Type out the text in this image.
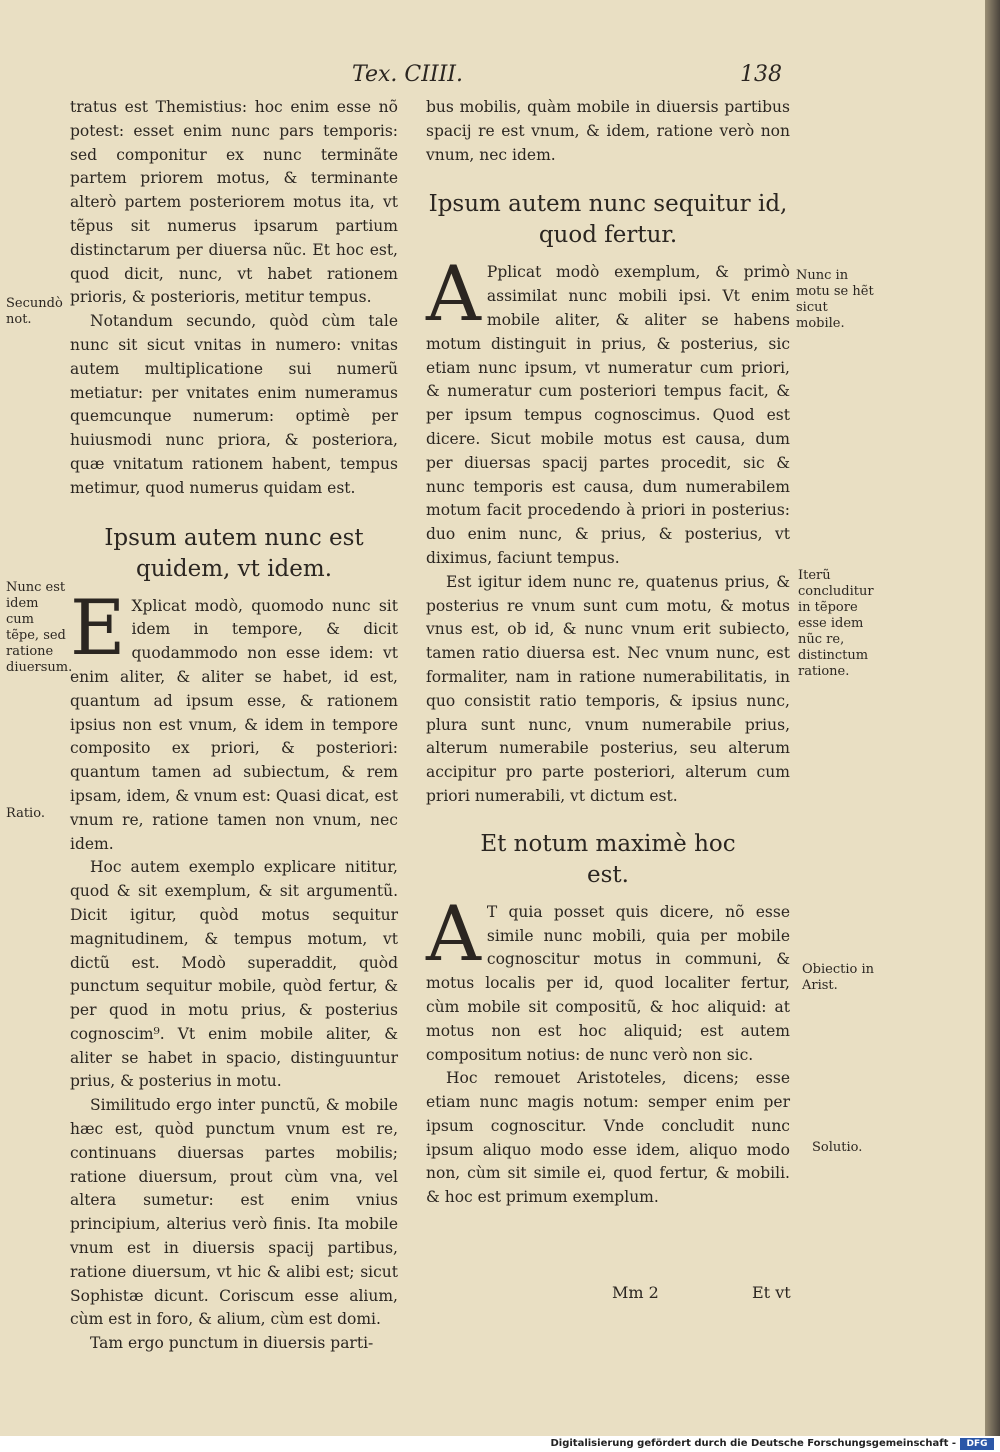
Tex. CIIII.	138

tratus est Themistius: hoc enim esse nõ potest: esset enim nunc pars temporis: sed componitur ex nunc terminãte partem priorem motus, & terminante alterò partem posteriorem motus ita, vt tẽpus sit numerus ipsarum partium distinctarum per diuersa nũc. Et hoc est, quod dicit, nunc, vt habet rationem prioris, & posterioris, metitur tempus.

Notandum secundo, quòd cùm tale nunc sit sicut vnitas in numero: vnitas autem multiplicatione sui numerũ metiatur: per vnitates enim numeramus quemcunque numerum: optimè per huiusmodi nunc priora, & posteriora, quæ vnitatum rationem habent, tempus metimur, quod numerus quidam est.

Ipsum autem nunc est quidem, vt idem.

E Xplicat modò, quomodo nunc sit idem in tempore, & dicit quodammodo non esse idem: vt enim aliter, & aliter se habet, id est, quantum ad ipsum esse, & rationem ipsius non est vnum, & idem in tempore composito ex priori, & posteriori: quantum tamen ad subiectum, & rem ipsam, idem, & vnum est: Quasi dicat, est vnum re, ratione tamen non vnum, nec idem.

Hoc autem exemplo explicare nititur, quod & sit exemplum, & sit argumentũ. Dicit igitur, quòd motus sequitur magnitudinem, & tempus motum, vt dictũ est. Modò superaddit, quòd punctum sequitur mobile, quòd fertur, & per quod in motu prius, & posterius cognoscim⁹. Vt enim mobile aliter, & aliter se habet in spacio, distinguuntur prius, & posterius in motu.

Similitudo ergo inter punctũ, & mobile hæc est, quòd punctum vnum est re, continuans diuersas partes mobilis; ratione diuersum, prout cùm vna, vel altera sumetur: est enim vnius principium, alterius verò finis. Ita mobile vnum est in diuersis spacij partibus, ratione diuersum, vt hic & alibi est; sicut Sophistæ dicunt. Coriscum esse alium, cùm est in foro, & alium, cùm est domi.

Tam ergo punctum in diuersis parti-

Secundò not.
Nunc est idem cum tẽpe, sed ratione diuersum.
Ratio.

bus mobilis, quàm mobile in diuersis partibus spacij re est vnum, & idem, ratione verò non vnum, nec idem.

Ipsum autem nunc sequitur id, quod fertur.

A Pplicat modò exemplum, & primò assimilat nunc mobili ipsi. Vt enim mobile aliter, & aliter se habens motum distinguit in prius, & posterius, sic etiam nunc ipsum, vt numeratur cum priori, & numeratur cum posteriori tempus facit, & per ipsum tempus cognoscimus. Quod est dicere. Sicut mobile motus est causa, dum per diuersas spacij partes procedit, sic & nunc temporis est causa, dum numerabilem motum facit procedendo à priori in posterius: duo enim nunc, & prius, & posterius, vt diximus, faciunt tempus.

Est igitur idem nunc re, quatenus prius, & posterius re vnum sunt cum motu, & motus vnus est, ob id, & nunc vnum erit subiecto, tamen ratio diuersa est. Nec vnum nunc, est formaliter, nam in ratione numerabilitatis, in quo consistit ratio temporis, & ipsius nunc, plura sunt nunc, vnum numerabile prius, alterum numerabile posterius, seu alterum accipitur pro parte posteriori, alterum cum priori numerabili, vt dictum est.

Et notum maximè hoc est.

A T quia posset quis dicere, nõ esse simile nunc mobili, quia per mobile cognoscitur motus in communi, & motus localis per id, quod localiter fertur, cùm mobile sit compositũ, & hoc aliquid: at motus non est hoc aliquid; est autem compositum notius: de nunc verò non sic.

Hoc remouet Aristoteles, dicens; esse etiam nunc magis notum: semper enim per ipsum cognoscitur. Vnde concludit nunc ipsum aliquo modo esse idem, aliquo modo non, cùm sit simile ei, quod fertur, & mobili. & hoc est primum exemplum.

Nunc in motu se hẽt sicut mobile.
Iterũ concluditur in tẽpore esse idem nũc re, distinctum ratione.
Obiectio in Arist.
Solutio.
Mm 2	Et vt
Digitalisierung gefördert durch die Deutsche Forschungsgemeinschaft -	DFG
